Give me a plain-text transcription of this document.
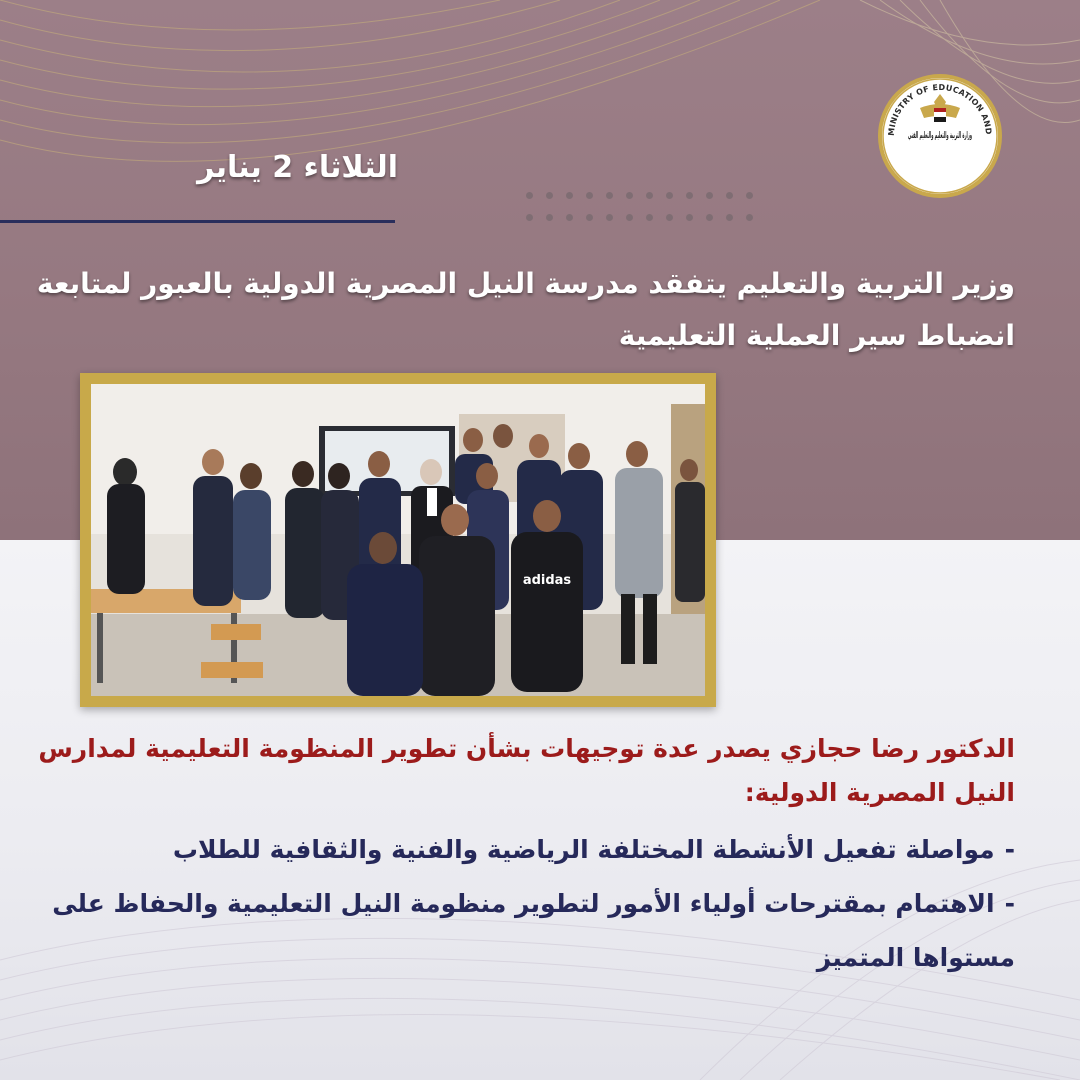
MINISTRY OF EDUCATION AND
وزارة التربية والتعليم والتعليم الفني
الثلاثاء 2 يناير
وزير التربية والتعليم يتفقد مدرسة النيل المصرية الدولية بالعبور لمتابعة انضباط سير العملية التعليمية
adidas
الدكتور رضا حجازي يصدر عدة توجيهات بشأن تطوير المنظومة التعليمية لمدارس النيل المصرية الدولية:
-مواصلة تفعيل الأنشطة المختلفة الرياضية والفنية والثقافية للطلاب
-الاهتمام بمقترحات أولياء الأمور لتطوير منظومة النيل التعليمية والحفاظ على مستواها المتميز
